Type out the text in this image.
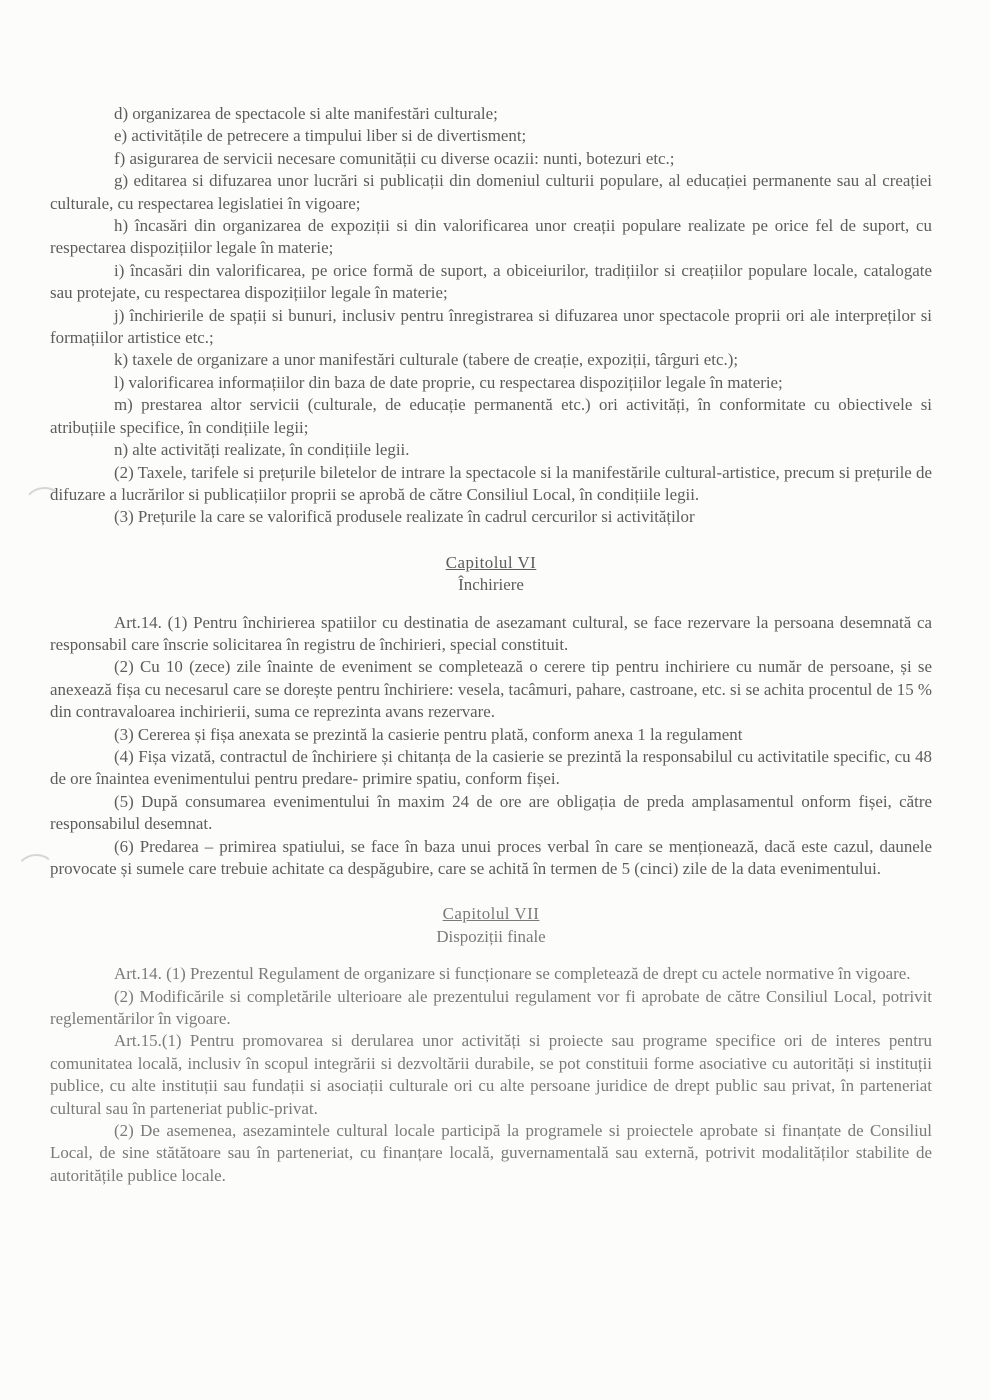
d) organizarea de spectacole si alte manifestări culturale;

e) activitățile de petrecere a timpului liber si de divertisment;

f) asigurarea de servicii necesare comunității cu diverse ocazii: nunti, botezuri etc.;

g) editarea si difuzarea unor lucrări si publicații din domeniul culturii populare, al educației permanente sau al creației culturale, cu respectarea legislatiei în vigoare;

h) încasări din organizarea de expoziții si din valorificarea unor creații populare realizate pe orice fel de suport, cu respectarea dispozițiilor legale în materie;

i) încasări din valorificarea, pe orice formă de suport, a obiceiurilor, tradițiilor si creațiilor populare locale, catalogate sau protejate, cu respectarea dispozițiilor legale în materie;

j) închirierile de spații si bunuri, inclusiv pentru înregistrarea si difuzarea unor spectacole proprii ori ale interpreților si formațiilor artistice etc.;

k) taxele de organizare a unor manifestări culturale (tabere de creație, expoziții, târguri etc.);

l) valorificarea informațiilor din baza de date proprie, cu respectarea dispozițiilor legale în materie;

m) prestarea altor servicii (culturale, de educație permanentă etc.) ori activități, în conformitate cu obiectivele si atribuțiile specifice, în condițiile legii;

n) alte activități realizate, în condițiile legii.

(2) Taxele, tarifele si prețurile biletelor de intrare la spectacole si la manifestările cultural-artistice, precum si prețurile de difuzare a lucrărilor si publicațiilor proprii se aprobă de către Consiliul Local, în condițiile legii.

(3) Prețurile la care se valorifică produsele realizate în cadrul cercurilor si activităților

Capitolul VI
Închiriere

Art.14. (1) Pentru închirierea spatiilor cu destinatia de asezamant cultural, se face rezervare la persoana desemnată ca responsabil care înscrie solicitarea în registru de închirieri, special constituit.

(2) Cu 10 (zece) zile înainte de eveniment se completează o cerere tip pentru inchiriere cu număr de persoane, și se anexează fișa cu necesarul care se dorește pentru închiriere: vesela, tacâmuri, pahare, castroane, etc. si se achita procentul de 15 % din contravaloarea inchirierii, suma ce reprezinta avans rezervare.

(3) Cererea și fișa anexata se prezintă la casierie pentru plată, conform anexa 1 la regulament

(4) Fișa vizată, contractul de închiriere și chitanța de la casierie se prezintă la responsabilul cu activitatile specific, cu 48 de ore înaintea evenimentului pentru predare- primire spatiu, conform fișei.

(5) După consumarea evenimentului în maxim 24 de ore are obligația de preda amplasamentul onform fișei, către responsabilul desemnat.

(6) Predarea – primirea spatiului, se face în baza unui proces verbal în care se menționează, dacă este cazul, daunele provocate și sumele care trebuie achitate ca despăgubire, care se achită în termen de 5 (cinci) zile de la data evenimentului.

Capitolul VII
Dispoziții finale

Art.14. (1) Prezentul Regulament de organizare si funcționare se completează de drept cu actele normative în vigoare.

(2) Modificările si completările ulterioare ale prezentului regulament vor fi aprobate de către Consiliul Local, potrivit reglementărilor în vigoare.

Art.15.(1) Pentru promovarea si derularea unor activități si proiecte sau programe specifice ori de interes pentru comunitatea locală, inclusiv în scopul integrării si dezvoltării durabile, se pot constituii forme asociative cu autorități si instituții publice, cu alte instituții sau fundații si asociații culturale ori cu alte persoane juridice de drept public sau privat, în parteneriat cultural sau în parteneriat public-privat.

(2) De asemenea, asezamintele cultural locale participă la programele si proiectele aprobate si finanțate de Consiliul Local, de sine stătătoare sau în parteneriat, cu finanțare locală, guvernamentală sau externă, potrivit modalităților stabilite de autoritățile publice locale.
